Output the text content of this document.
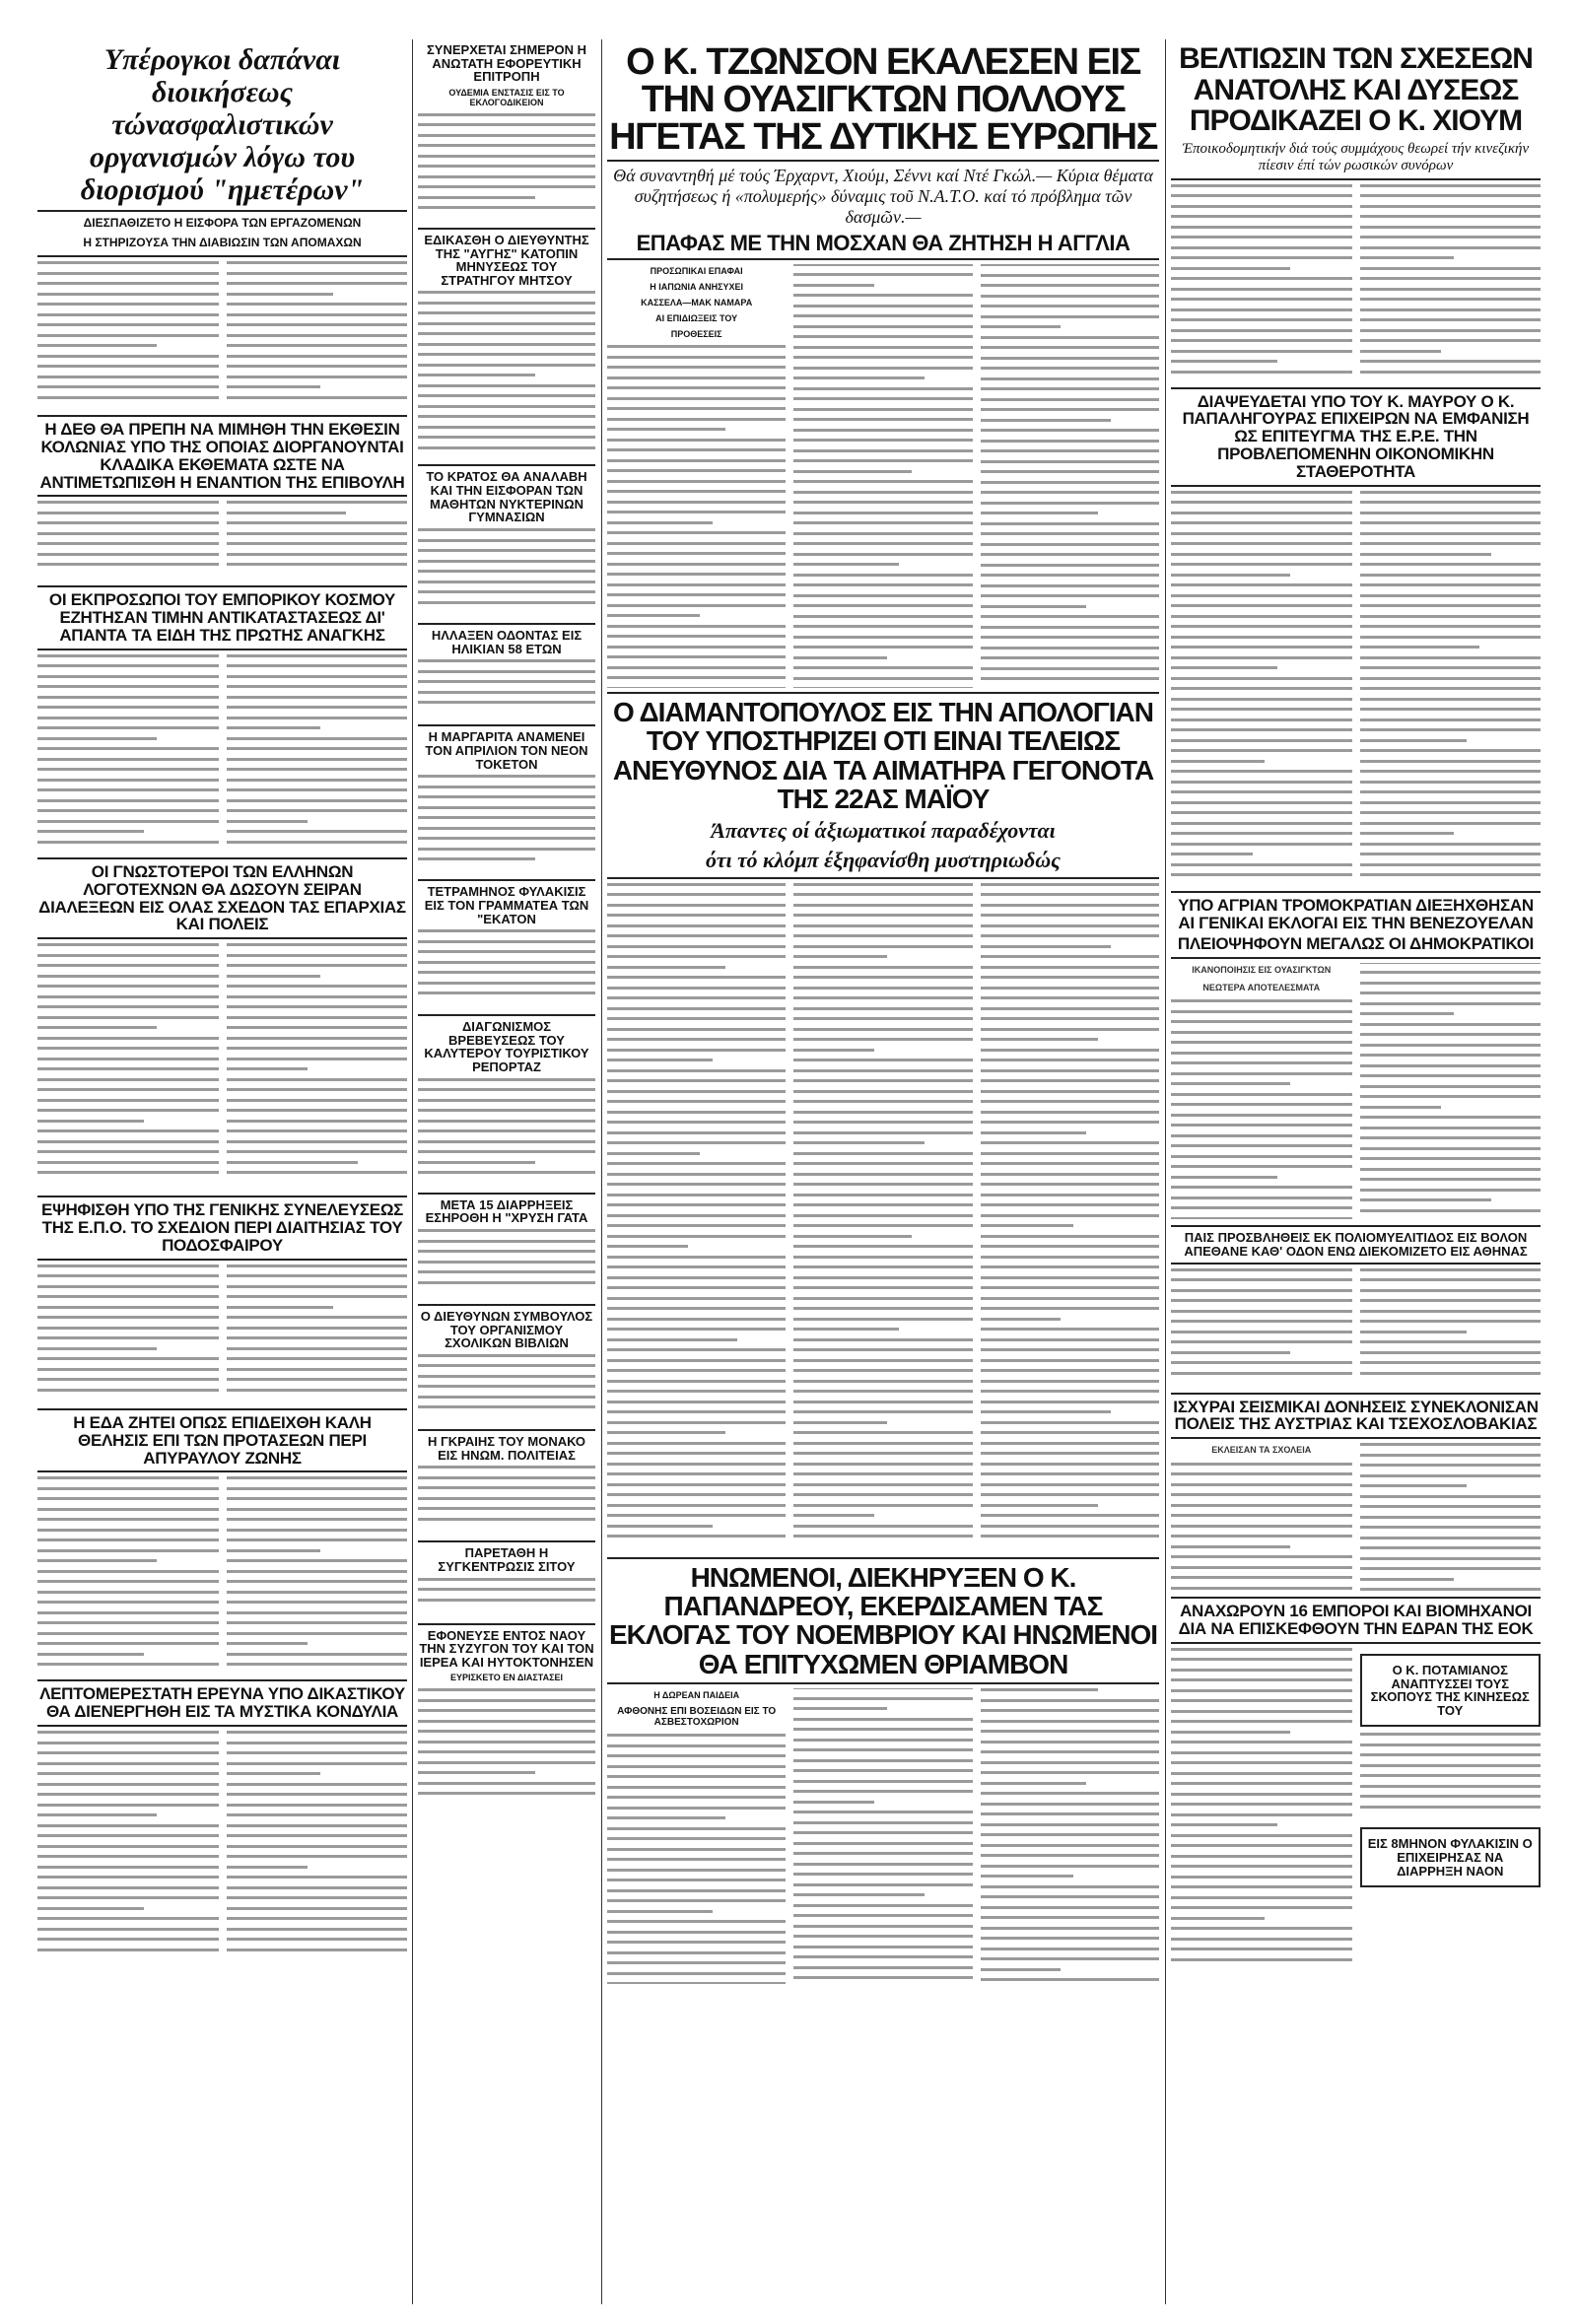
Υπέρογκοι δαπάναι διοικήσεως τώνασφαλιστικών οργανισμών λόγω του διορισμού "ημετέρων"
ΔΙΕΣΠΑΘΙΖΕΤΟ Η ΕΙΣΦΟΡΑ ΤΩΝ ΕΡΓΑΖΟΜΕΝΩΝ
Η ΣΤΗΡΙΖΟΥΣΑ ΤΗΝ ΔΙΑΒΙΩΣΙΝ ΤΩΝ ΑΠΟΜΑΧΩΝ
Η ΔΕΘ ΘΑ ΠΡΕΠΗ ΝΑ ΜΙΜΗΘΗ ΤΗΝ ΕΚΘΕΣΙΝ ΚΟΛΩΝΙΑΣ ΥΠΟ ΤΗΣ ΟΠΟΙΑΣ ΔΙΟΡΓΑΝΟΥΝΤΑΙ ΚΛΑΔΙΚΑ ΕΚΘΕΜΑΤΑ ΩΣΤΕ ΝΑ ΑΝΤΙΜΕΤΩΠΙΣΘΗ Η ΕΝΑΝΤΙΟΝ ΤΗΣ ΕΠΙΒΟΥΛΗ
ΟΙ ΕΚΠΡΟΣΩΠΟΙ ΤΟΥ ΕΜΠΟΡΙΚΟΥ ΚΟΣΜΟΥ ΕΖΗΤΗΣΑΝ ΤΙΜΗΝ ΑΝΤΙΚΑΤΑΣΤΑΣΕΩΣ ΔΙ' ΑΠΑΝΤΑ ΤΑ ΕΙΔΗ ΤΗΣ ΠΡΩΤΗΣ ΑΝΑΓΚΗΣ
ΟΙ ΓΝΩΣΤΟΤΕΡΟΙ ΤΩΝ ΕΛΛΗΝΩΝ ΛΟΓΟΤΕΧΝΩΝ ΘΑ ΔΩΣΟΥΝ ΣΕΙΡΑΝ ΔΙΑΛΕΞΕΩΝ ΕΙΣ ΟΛΑΣ ΣΧΕΔΟΝ ΤΑΣ ΕΠΑΡΧΙΑΣ ΚΑΙ ΠΟΛΕΙΣ
ΕΨΗΦΙΣΘΗ ΥΠΟ ΤΗΣ ΓΕΝΙΚΗΣ ΣΥΝΕΛΕΥΣΕΩΣ ΤΗΣ Ε.Π.Ο. ΤΟ ΣΧΕΔΙΟΝ ΠΕΡΙ ΔΙΑΙΤΗΣΙΑΣ ΤΟΥ ΠΟΔΟΣΦΑΙΡΟΥ
Η ΕΔΑ ΖΗΤΕΙ ΟΠΩΣ ΕΠΙΔΕΙΧΘΗ ΚΑΛΗ ΘΕΛΗΣΙΣ ΕΠΙ ΤΩΝ ΠΡΟΤΑΣΕΩΝ ΠΕΡΙ ΑΠΥΡΑΥΛΟΥ ΖΩΝΗΣ
ΛΕΠΤΟΜΕΡΕΣΤΑΤΗ ΕΡΕΥΝΑ ΥΠΟ ΔΙΚΑΣΤΙΚΟΥ ΘΑ ΔΙΕΝΕΡΓΗΘΗ ΕΙΣ ΤΑ ΜΥΣΤΙΚΑ ΚΟΝΔΥΛΙΑ
ΣΥΝΕΡΧΕΤΑΙ ΣΗΜΕΡΟΝ Η ΑΝΩΤΑΤΗ ΕΦΟΡΕΥΤΙΚΗ ΕΠΙΤΡΟΠΗ
ΟΥΔΕΜΙΑ ΕΝΣΤΑΣΙΣ ΕΙΣ ΤΟ ΕΚΛΟΓΟΔΙΚΕΙΟΝ
ΕΔΙΚΑΣΘΗ Ο ΔΙΕΥΘΥΝΤΗΣ ΤΗΣ "ΑΥΓΗΣ" ΚΑΤΟΠΙΝ ΜΗΝΥΣΕΩΣ ΤΟΥ ΣΤΡΑΤΗΓΟΥ ΜΗΤΣΟΥ
ΤΟ ΚΡΑΤΟΣ ΘΑ ΑΝΑΛΑΒΗ ΚΑΙ ΤΗΝ ΕΙΣΦΟΡΑΝ ΤΩΝ ΜΑΘΗΤΩΝ ΝΥΚΤΕΡΙΝΩΝ ΓΥΜΝΑΣΙΩΝ
ΗΛΛΑΞΕΝ ΟΔΟΝΤΑΣ ΕΙΣ ΗΛΙΚΙΑΝ 58 ΕΤΩΝ
Η ΜΑΡΓΑΡΙΤΑ ΑΝΑΜΕΝΕΙ ΤΟΝ ΑΠΡΙΛΙΟΝ ΤΟΝ ΝΕΟΝ ΤΟΚΕΤΟΝ
ΤΕΤΡΑΜΗΝΟΣ ΦΥΛΑΚΙΣΙΣ ΕΙΣ ΤΟΝ ΓΡΑΜΜΑΤΕΑ ΤΩΝ "ΕΚΑΤΟΝ
ΔΙΑΓΩΝΙΣΜΟΣ ΒΡΕΒΕΥΣΕΩΣ ΤΟΥ ΚΑΛΥΤΕΡΟΥ ΤΟΥΡΙΣΤΙΚΟΥ ΡΕΠΟΡΤΑΖ
ΜΕΤΑ 15 ΔΙΑΡΡΗΞΕΙΣ ΕΣΗΡΟΘΗ Η "ΧΡΥΣΗ ΓΑΤΑ
Ο ΔΙΕΥΘΥΝΩΝ ΣΥΜΒΟΥΛΟΣ ΤΟΥ ΟΡΓΑΝΙΣΜΟΥ ΣΧΟΛΙΚΩΝ ΒΙΒΛΙΩΝ
Η ΓΚΡΑΙΗΣ ΤΟΥ ΜΟΝΑΚΟ ΕΙΣ ΗΝΩΜ. ΠΟΛΙΤΕΙΑΣ
ΠΑΡΕΤΑΘΗ Η ΣΥΓΚΕΝΤΡΩΣΙΣ ΣΙΤΟΥ
ΕΦΟΝΕΥΣΕ ΕΝΤΟΣ ΝΑΟΥ ΤΗΝ ΣΥΖΥΓΟΝ ΤΟΥ ΚΑΙ ΤΟΝ ΙΕΡΕΑ ΚΑΙ ΗΥΤΟΚΤΟΝΗΣΕΝ
ΕΥΡΙΣΚΕΤΟ ΕΝ ΔΙΑΣΤΑΣΕΙ
Ο Κ. ΤΖΩΝΣΟΝ ΕΚΑΛΕΣΕΝ ΕΙΣ ΤΗΝ ΟΥΑΣΙΓΚΤΩΝ ΠΟΛΛΟΥΣ ΗΓΕΤΑΣ ΤΗΣ ΔΥΤΙΚΗΣ ΕΥΡΩΠΗΣ
Θά συναντηθή μέ τούς Έρχαρντ, Χιούμ, Σέννι καί Ντέ Γκώλ.— Κύρια θέματα συζητήσεως ή «πολυμερής» δύναμις τοῦ Ν.Α.Τ.Ο. καί τό πρόβλημα τῶν δασμῶν.—
ΕΠΑΦΑΣ ΜΕ ΤΗΝ ΜΟΣΧΑΝ ΘΑ ΖΗΤΗΣΗ Η ΑΓΓΛΙΑ
ΠΡΟΣΩΠΙΚΑΙ ΕΠΑΦΑΙ
Η ΙΑΠΩΝΙΑ ΑΝΗΣΥΧΕΙ
ΚΑΣΣΕΛΑ—ΜΑΚ ΝΑΜΑΡΑ
ΑΙ ΕΠΙΔΙΩΞΕΙΣ ΤΟΥ
ΠΡΟΘΕΣΕΙΣ
Ο ΔΙΑΜΑΝΤΟΠΟΥΛΟΣ ΕΙΣ ΤΗΝ ΑΠΟΛΟΓΙΑΝ ΤΟΥ ΥΠΟΣΤΗΡΙΖΕΙ ΟΤΙ ΕΙΝΑΙ ΤΕΛΕΙΩΣ ΑΝΕΥΘΥΝΟΣ ΔΙΑ ΤΑ ΑΙΜΑΤΗΡΑ ΓΕΓΟΝΟΤΑ ΤΗΣ 22ΑΣ ΜΑΪΟΥ
Άπαντες οί άξιωματικοί παραδέχονται
ότι τό κλόμπ έξηφανίσθη μυστηριωδώς
ΗΝΩΜΕΝΟΙ, ΔΙΕΚΗΡΥΞΕΝ Ο Κ. ΠΑΠΑΝΔΡΕΟΥ, ΕΚΕΡΔΙΣΑΜΕΝ ΤΑΣ ΕΚΛΟΓΑΣ ΤΟΥ ΝΟΕΜΒΡΙΟΥ ΚΑΙ ΗΝΩΜΕΝΟΙ ΘΑ ΕΠΙΤΥΧΩΜΕΝ ΘΡΙΑΜΒΟΝ
Η ΔΩΡΕΑΝ ΠΑΙΔΕΙΑ
ΑΦΘΟΝΗΣ ΕΠΙ ΒΟΣΕΙΔΩΝ ΕΙΣ ΤΟ ΑΣΒΕΣΤΟΧΩΡΙΟΝ
ΒΕΛΤΙΩΣΙΝ ΤΩΝ ΣΧΕΣΕΩΝ ΑΝΑΤΟΛΗΣ ΚΑΙ ΔΥΣΕΩΣ ΠΡΟΔΙΚΑΖΕΙ Ο Κ. ΧΙΟΥΜ
Έποικοδομητικήν διά τούς συμμάχους θεωρεί τήν κινεζικήν πίεσιν έπί τών ρωσικών συνόρων
ΔΙΑΨΕΥΔΕΤΑΙ ΥΠΟ ΤΟΥ Κ. ΜΑΥΡΟΥ Ο Κ. ΠΑΠΑΛΗΓΟΥΡΑΣ ΕΠΙΧΕΙΡΩΝ ΝΑ ΕΜΦΑΝΙΣΗ ΩΣ ΕΠΙΤΕΥΓΜΑ ΤΗΣ Ε.Ρ.Ε. ΤΗΝ ΠΡΟΒΛΕΠΟΜΕΝΗΝ ΟΙΚΟΝΟΜΙΚΗΝ ΣΤΑΘΕΡΟΤΗΤΑ
ΥΠΟ ΑΓΡΙΑΝ ΤΡΟΜΟΚΡΑΤΙΑΝ ΔΙΕΞΗΧΘΗΣΑΝ ΑΙ ΓΕΝΙΚΑΙ ΕΚΛΟΓΑΙ ΕΙΣ ΤΗΝ ΒΕΝΕΖΟΥΕΛΑΝ
ΠΛΕΙΟΨΗΦΟΥΝ ΜΕΓΑΛΩΣ ΟΙ ΔΗΜΟΚΡΑΤΙΚΟΙ
ΙΚΑΝΟΠΟΙΗΣΙΣ ΕΙΣ ΟΥΑΣΙΓΚΤΩΝ
ΝΕΩΤΕΡΑ ΑΠΟΤΕΛΕΣΜΑΤΑ
ΠΑΙΣ ΠΡΟΣΒΛΗΘΕΙΣ ΕΚ ΠΟΛΙΟΜΥΕΛΙΤΙΔΟΣ ΕΙΣ ΒΟΛΟΝ ΑΠΕΘΑΝΕ ΚΑΘ' ΟΔΟΝ ΕΝΩ ΔΙΕΚΟΜΙΖΕΤΟ ΕΙΣ ΑΘΗΝΑΣ
ΙΣΧΥΡΑΙ ΣΕΙΣΜΙΚΑΙ ΔΟΝΗΣΕΙΣ ΣΥΝΕΚΛΟΝΙΣΑΝ ΠΟΛΕΙΣ ΤΗΣ ΑΥΣΤΡΙΑΣ ΚΑΙ ΤΣΕΧΟΣΛΟΒΑΚΙΑΣ
ΕΚΛΕΙΣΑΝ ΤΑ ΣΧΟΛΕΙΑ
ΑΝΑΧΩΡΟΥΝ 16 ΕΜΠΟΡΟΙ ΚΑΙ ΒΙΟΜΗΧΑΝΟΙ ΔΙΑ ΝΑ ΕΠΙΣΚΕΦΘΟΥΝ ΤΗΝ ΕΔΡΑΝ ΤΗΣ ΕΟΚ
Ο Κ. ΠΟΤΑΜΙΑΝΟΣ ΑΝΑΠΤΥΣΣΕΙ ΤΟΥΣ ΣΚΟΠΟΥΣ ΤΗΣ ΚΙΝΗΣΕΩΣ ΤΟΥ
ΕΙΣ 8ΜΗΝΟΝ ΦΥΛΑΚΙΣΙΝ Ο ΕΠΙΧΕΙΡΗΣΑΣ ΝΑ ΔΙΑΡΡΗΞΗ ΝΑΟΝ
